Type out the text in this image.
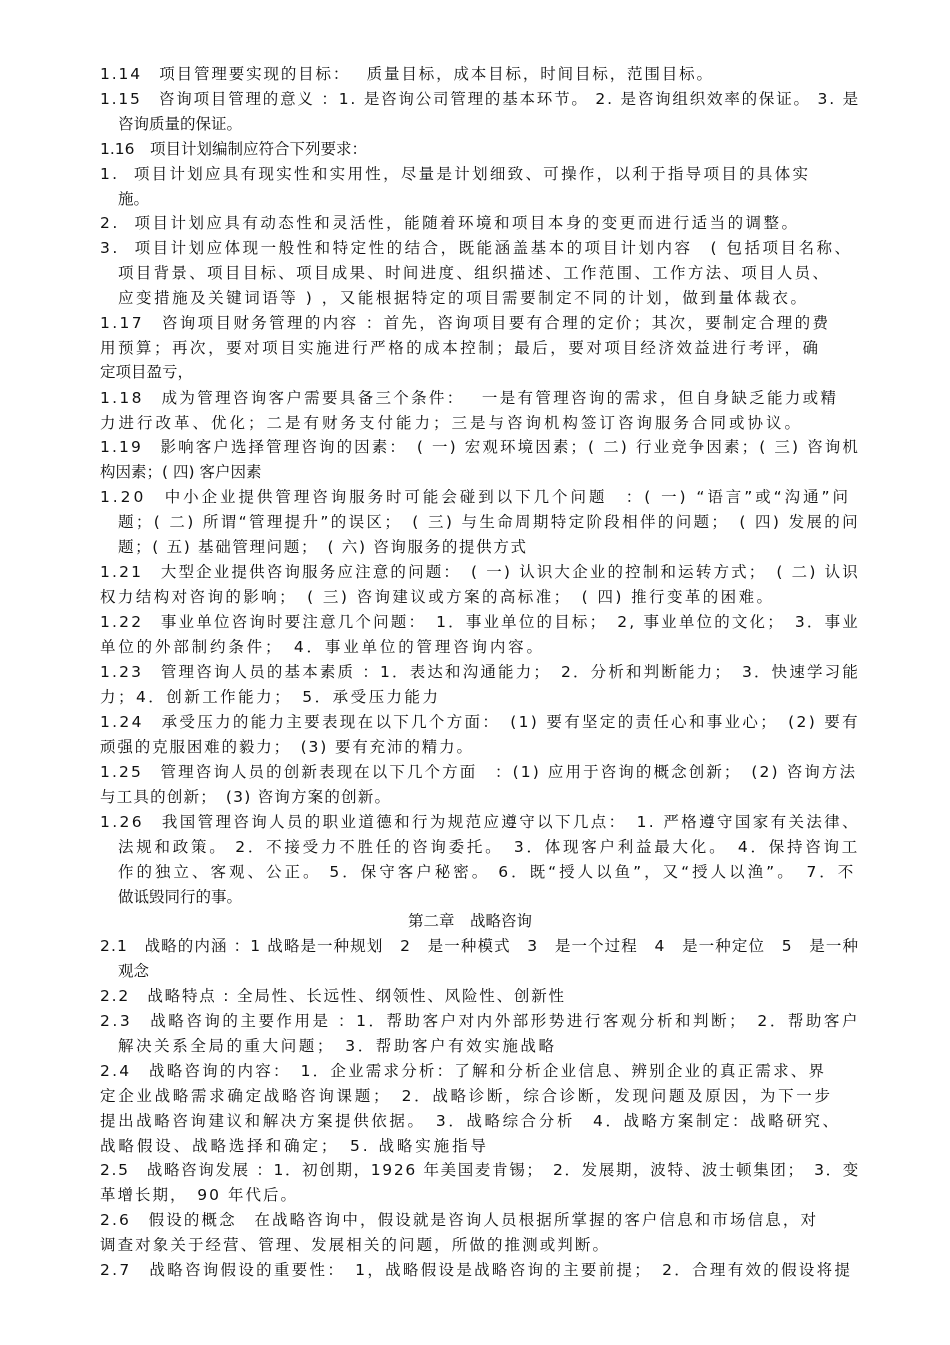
1.14　项目管理要实现的目标：　 质量目标，成本目标，时间目标，范围目标。
1.15　咨询项目管理的意义 ：1. 是咨询公司管理的基本环节。 2. 是咨询组织效率的保证。 3. 是
咨询质量的保证。
1.16　项目计划编制应符合下列要求：
1.  项目计划应具有现实性和实用性，尽量是计划细致、可操作，以利于指导项目的具体实
施。
2.  项目计划应具有动态性和灵活性，能随着环境和项目本身的变更而进行适当的调整。
3.  项目计划应体现一般性和特定性的结合，既能涵盖基本的项目计划内容　( 包括项目名称、
项目背景、项目目标、项目成果、时间进度、组织描述、工作范围、工作方法、项目人员、
应变措施及关键词语等 ) ，又能根据特定的项目需要制定不同的计划，做到量体裁衣。
1.17　咨询项目财务管理的内容 ：首先，咨询项目要有合理的定价；其次，要制定合理的费
用预算；再次，要对项目实施进行严格的成本控制；最后，要对项目经济效益进行考评，确
定项目盈亏，
1.18　成为管理咨询客户需要具备三个条件：　 一是有管理咨询的需求，但自身缺乏能力或精
力进行改革、优化；二是有财务支付能力；三是与咨询机构签订咨询服务合同或协议。
1.19　影响客户选择管理咨询的因素：　( 一) 宏观环境因素；( 二) 行业竞争因素；( 三) 咨询机
构因素；( 四) 客户因素
1.20　中小企业提供管理咨询服务时可能会碰到以下几个问题　：( 一) “语言”或“沟通”问
题；( 二) 所谓“管理提升”的误区；　( 三) 与生命周期特定阶段相伴的问题；　( 四) 发展的问
题；( 五) 基础管理问题；　( 六) 咨询服务的提供方式
1.21　大型企业提供咨询服务应注意的问题：　( 一) 认识大企业的控制和运转方式；　( 二) 认识
权力结构对咨询的影响；　( 三) 咨询建议或方案的高标准；　( 四) 推行变革的困难。
1.22　事业单位咨询时要注意几个问题：　1．事业单位的目标；　2, 事业单位的文化；　3．事业
单位的外部制约条件；　4．事业单位的管理咨询内容。
1.23　管理咨询人员的基本素质 ：1．表达和沟通能力；　2．分析和判断能力；　3．快速学习能
力；4．创新工作能力；　5．承受压力能力
1.24　承受压力的能力主要表现在以下几个方面：　(1) 要有坚定的责任心和事业心；　(2) 要有
顽强的克服困难的毅力；　(3) 要有充沛的精力。
1.25　管理咨询人员的创新表现在以下几个方面　：(1) 应用于咨询的概念创新；　(2) 咨询方法
与工具的创新；　(3) 咨询方案的创新。
1.26　我国管理咨询人员的职业道德和行为规范应遵守以下几点：　1. 严格遵守国家有关法律、
法规和政策。 2．不接受力不胜任的咨询委托。　3．体现客户利益最大化。　4．保持咨询工
作的独立、客观、公正。 5．保守客户秘密。 6．既“授人以鱼”，又“授人以渔”。　7．不
做诋毁同行的事。
第二章　战略咨询
2.1　战略的内涵 ：1 战略是一种规划　2　是一种模式　3　是一个过程　4　是一种定位　5　是一种
观念
2.2　战略特点 : 全局性、长远性、纲领性、风险性、创新性
2.3　战略咨询的主要作用是 ：1．帮助客户对内外部形势进行客观分析和判断；　2．帮助客户
解决关系全局的重大问题；　3．帮助客户有效实施战略
2.4　战略咨询的内容：　1．企业需求分析：了解和分析企业信息、辨别企业的真正需求、界
定企业战略需求确定战略咨询课题；　2．战略诊断，综合诊断，发现问题及原因，为下一步
提出战略咨询建议和解决方案提供依据。　3．战略综合分析　4．战略方案制定：战略研究、
战略假设、战略选择和确定；　5. 战略实施指导
2.5　战略咨询发展 ：1．初创期，1926 年美国麦肯锡；　2．发展期，波特、波士顿集团；　3．变
革增长期，　90 年代后。
2.6　假设的概念　在战略咨询中，假设就是咨询人员根据所掌握的客户信息和市场信息，对
调查对象关于经营、管理、发展相关的问题，所做的推测或判断。
2.7　战略咨询假设的重要性：　1，战略假设是战略咨询的主要前提；　2．合理有效的假设将提
